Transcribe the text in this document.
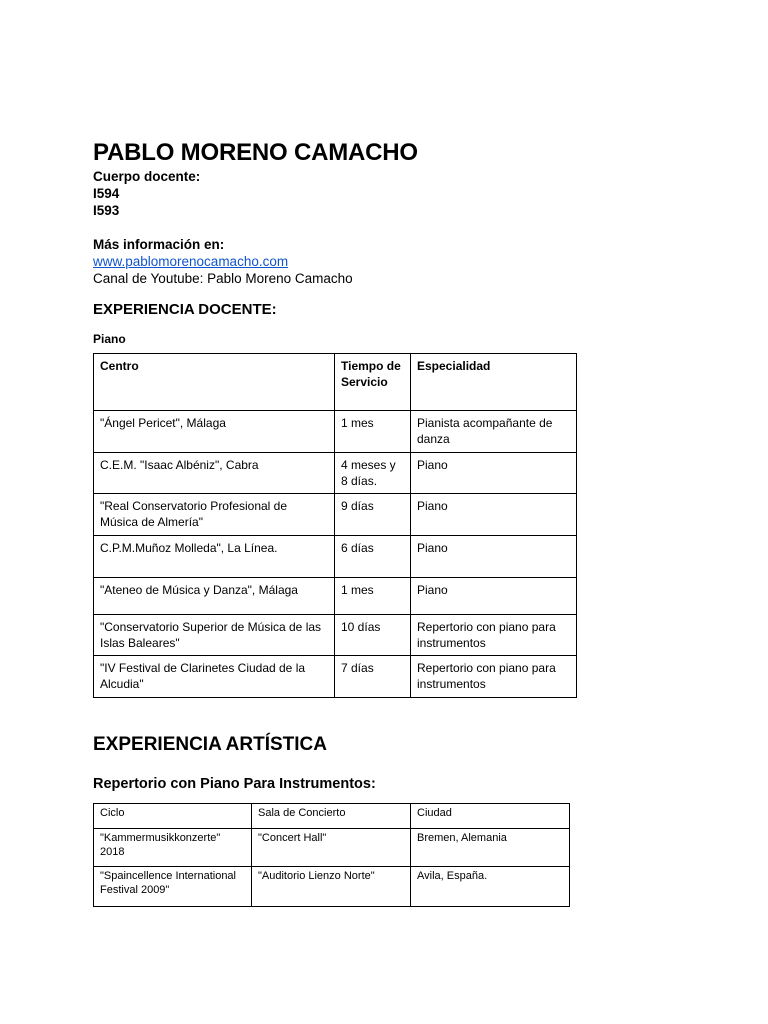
PABLO MORENO CAMACHO

Cuerpo docente:

I594

I593

Más información en:

www.pablomorenocamacho.com

Canal de Youtube: Pablo Moreno Camacho

EXPERIENCIA DOCENTE:

Piano

Centro	Tiempo de Servicio	Especialidad
"Ángel Pericet", Málaga	1 mes	Pianista acompañante de danza
C.E.M. "Isaac Albéniz", Cabra	4 meses y 8 días.	Piano
"Real Conservatorio Profesional de Música de Almería"	9 días	Piano
C.P.M.Muñoz Molleda", La Línea.	6 días	Piano
"Ateneo de Música y Danza", Málaga	1 mes	Piano
"Conservatorio Superior de Música de las Islas Baleares"	10 días	Repertorio con piano para instrumentos
"IV Festival de Clarinetes Ciudad de la Alcudia"	7 días	Repertorio con piano para instrumentos
EXPERIENCIA ARTÍSTICA
Repertorio con Piano Para Instrumentos:
Ciclo	Sala de Concierto	Ciudad
"Kammermusikkonzerte" 2018	"Concert Hall"	Bremen, Alemania
"Spaincellence International Festival 2009"	"Auditorio Lienzo Norte"	Avila, España.
